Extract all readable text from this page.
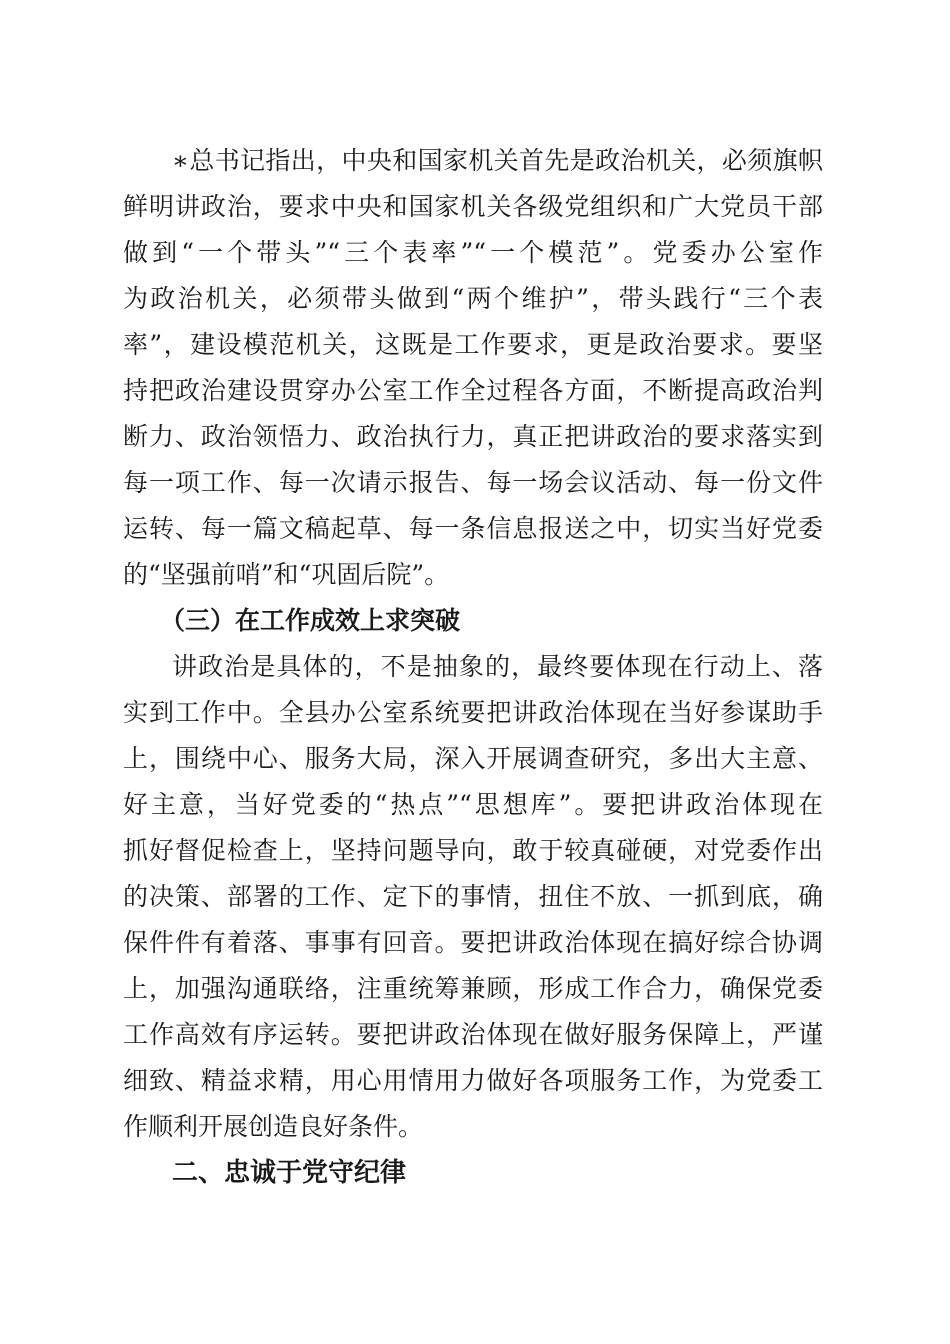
∗总书记指出，中央和国家机关首先是政治机关，必须旗帜
鲜明讲政治，要求中央和国家机关各级党组织和广大党员干部
做到“一个带头”“三个表率”“一个模范”。党委办公室作
为政治机关，必须带头做到“两个维护”，带头践行“三个表
率”，建设模范机关，这既是工作要求，更是政治要求。要坚
持把政治建设贯穿办公室工作全过程各方面，不断提高政治判
断力、政治领悟力、政治执行力，真正把讲政治的要求落实到
每一项工作、每一次请示报告、每一场会议活动、每一份文件
运转、每一篇文稿起草、每一条信息报送之中，切实当好党委
的“坚强前哨”和“巩固后院”。
（三）在工作成效上求突破
讲政治是具体的，不是抽象的，最终要体现在行动上、落
实到工作中。全县办公室系统要把讲政治体现在当好参谋助手
上，围绕中心、服务大局，深入开展调查研究，多出大主意、
好主意，当好党委的“热点”“思想库”。要把讲政治体现在
抓好督促检查上，坚持问题导向，敢于较真碰硬，对党委作出
的决策、部署的工作、定下的事情，扭住不放、一抓到底，确
保件件有着落、事事有回音。要把讲政治体现在搞好综合协调
上，加强沟通联络，注重统筹兼顾，形成工作合力，确保党委
工作高效有序运转。要把讲政治体现在做好服务保障上，严谨
细致、精益求精，用心用情用力做好各项服务工作，为党委工
作顺利开展创造良好条件。
二、忠诚于党守纪律
